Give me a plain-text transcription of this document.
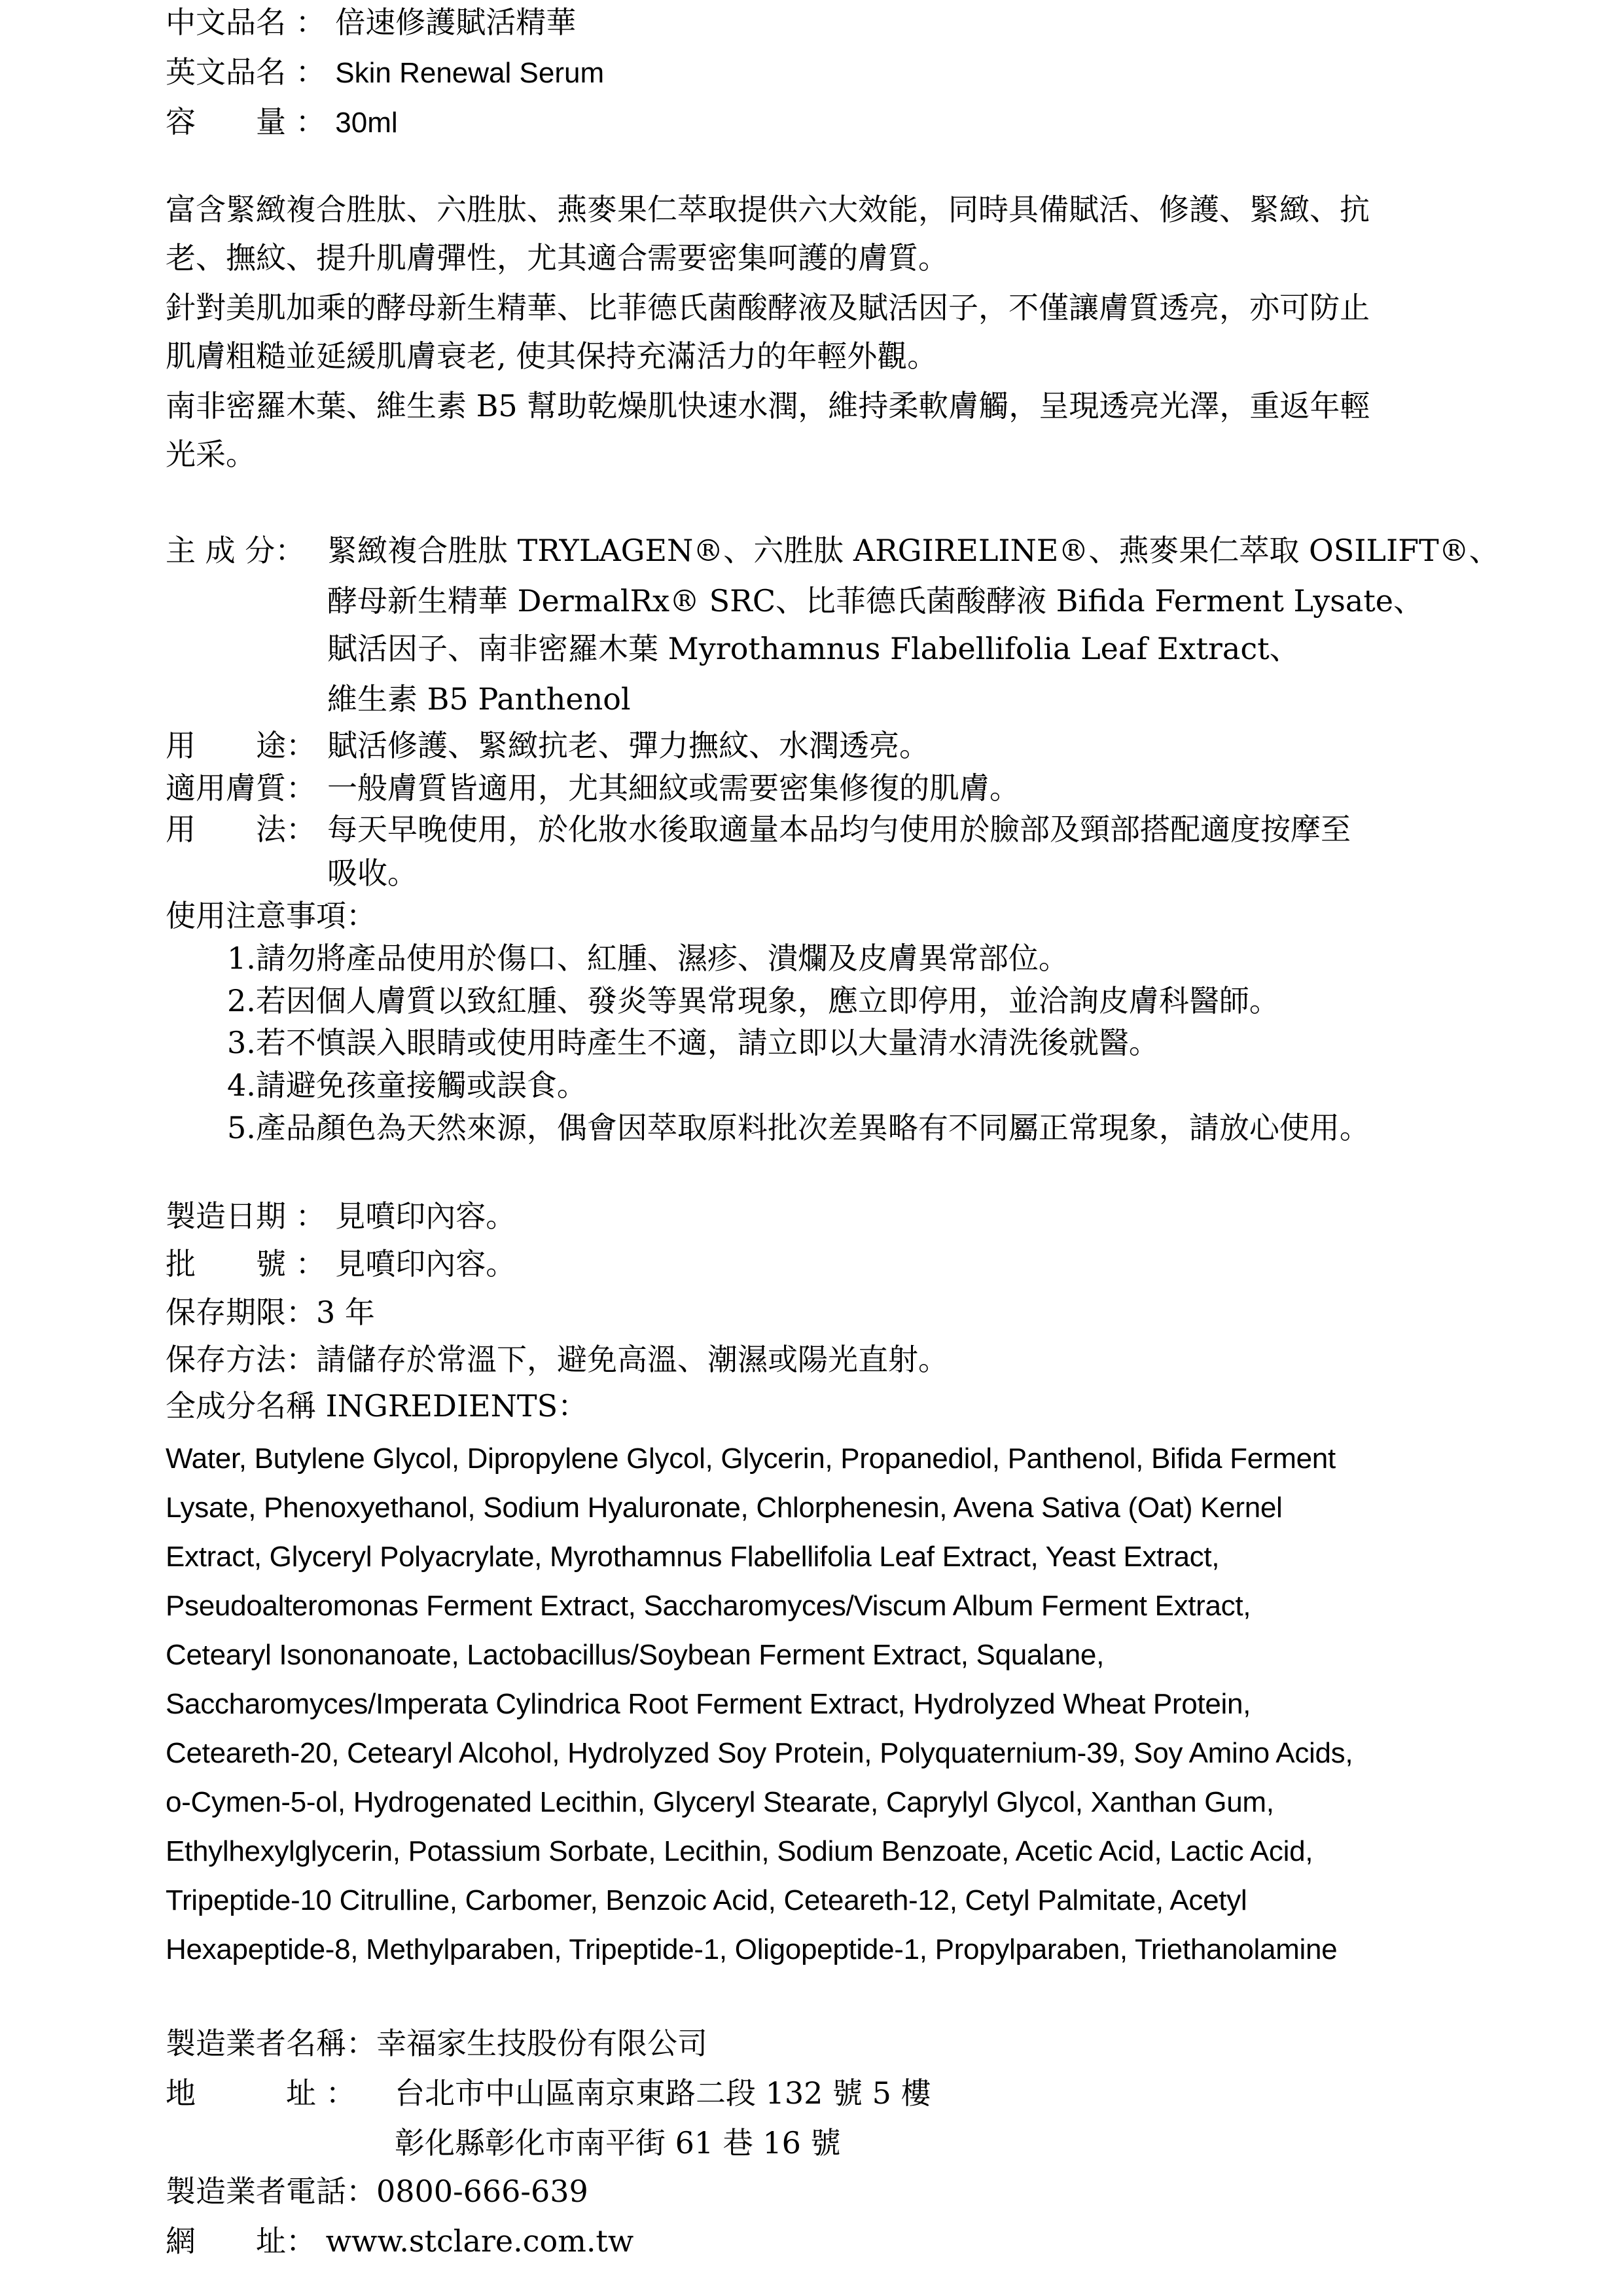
中文品名 ： 倍速修護賦活精華
英文品名 ： Skin Renewal Serum
容　　量 ： 30ml
富含緊緻複合胜肽、六胜肽、燕麥果仁萃取提供六大效能，同時具備賦活、修護、緊緻、抗
老、撫紋、提升肌膚彈性，尤其適合需要密集呵護的膚質。
針對美肌加乘的酵母新生精華、比菲德氏菌酸酵液及賦活因子，不僅讓膚質透亮，亦可防止
肌膚粗糙並延緩肌膚衰老, 使其保持充滿活力的年輕外觀。
南非密羅木葉、維生素 B5 幫助乾燥肌快速水潤，維持柔軟膚觸，呈現透亮光澤，重返年輕
光采。
主 成 分： 緊緻複合胜肽 TRYLAGEN®、六胜肽 ARGIRELINE®、燕麥果仁萃取 OSILIFT®、
酵母新生精華 DermalRx® SRC、比菲德氏菌酸酵液 Bifida Ferment Lysate、
賦活因子、南非密羅木葉 Myrothamnus Flabellifolia Leaf Extract、
維生素 B5 Panthenol
用　　途： 賦活修護、緊緻抗老、彈力撫紋、水潤透亮。
適用膚質： 一般膚質皆適用，尤其細紋或需要密集修復的肌膚。
用　　法： 每天早晚使用，於化妝水後取適量本品均勻使用於臉部及頸部搭配適度按摩至
吸收。
使用注意事項：
1.請勿將產品使用於傷口、紅腫、濕疹、潰爛及皮膚異常部位。
2.若因個人膚質以致紅腫、發炎等異常現象，應立即停用，並洽詢皮膚科醫師。
3.若不慎誤入眼睛或使用時產生不適，請立即以大量清水清洗後就醫。
4.請避免孩童接觸或誤食。
5.產品顏色為天然來源，偶會因萃取原料批次差異略有不同屬正常現象，請放心使用。
製造日期 ： 見噴印內容。
批　　號 ： 見噴印內容。
保存期限：3 年
保存方法：請儲存於常溫下，避免高溫、潮濕或陽光直射。
全成分名稱 INGREDIENTS：
Water, Butylene Glycol, Dipropylene Glycol, Glycerin, Propanediol, Panthenol, Bifida Ferment
Lysate, Phenoxyethanol, Sodium Hyaluronate, Chlorphenesin, Avena Sativa (Oat) Kernel
Extract, Glyceryl Polyacrylate, Myrothamnus Flabellifolia Leaf Extract, Yeast Extract,
Pseudoalteromonas Ferment Extract, Saccharomyces/Viscum Album Ferment Extract,
Cetearyl Isononanoate, Lactobacillus/Soybean Ferment Extract, Squalane,
Saccharomyces/Imperata Cylindrica Root Ferment Extract, Hydrolyzed Wheat Protein,
Ceteareth-20, Cetearyl Alcohol, Hydrolyzed Soy Protein, Polyquaternium-39, Soy Amino Acids,
o-Cymen-5-ol, Hydrogenated Lecithin, Glyceryl Stearate, Caprylyl Glycol, Xanthan Gum,
Ethylhexylglycerin, Potassium Sorbate, Lecithin, Sodium Benzoate, Acetic Acid, Lactic Acid,
Tripeptide-10 Citrulline, Carbomer, Benzoic Acid, Ceteareth-12, Cetyl Palmitate, Acetyl
Hexapeptide-8, Methylparaben, Tripeptide-1, Oligopeptide-1, Propylparaben, Triethanolamine
製造業者名稱：幸福家生技股份有限公司
地　　　址 ： 台北市中山區南京東路二段 132 號 5 樓
彰化縣彰化市南平街 61 巷 16 號
製造業者電話：0800-666-639
網　　址： www.stclare.com.tw
